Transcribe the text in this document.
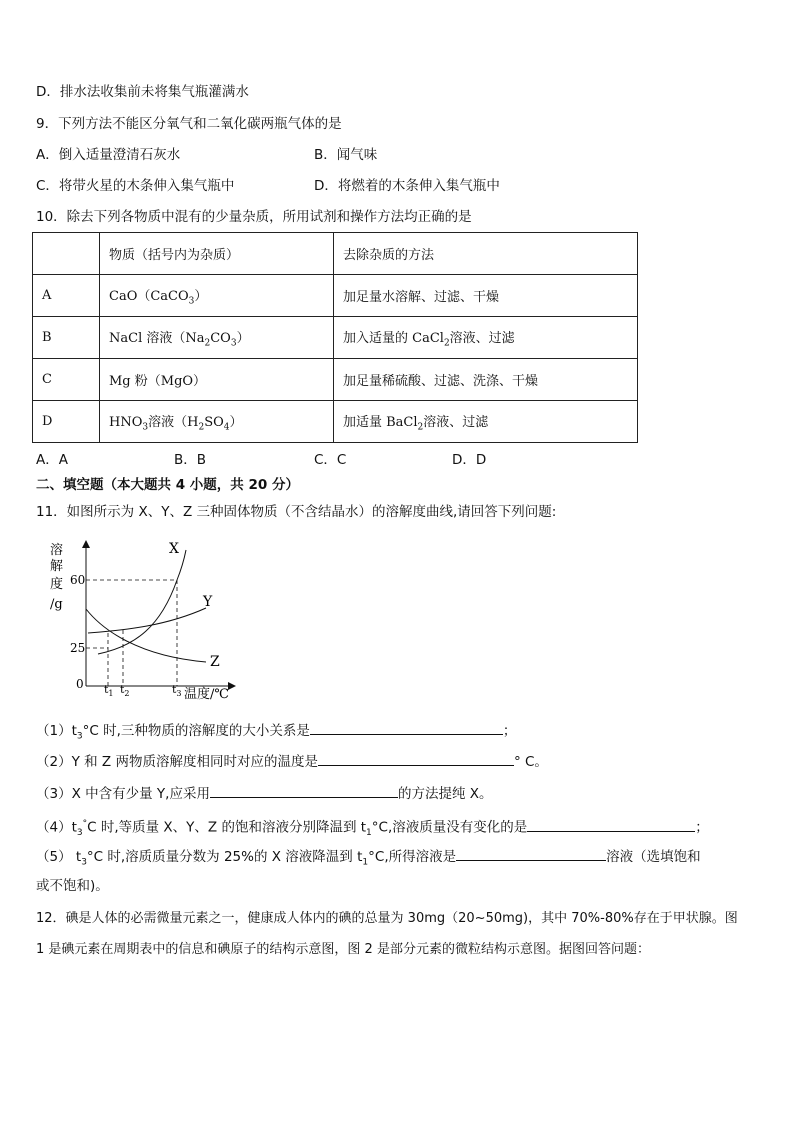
D．排水法收集前未将集气瓶灌满水
9．下列方法不能区分氧气和二氧化碳两瓶气体的是
A．倒入适量澄清石灰水	B．闻气味
C．将带火星的木条伸入集气瓶中	D．将燃着的木条伸入集气瓶中
10．除去下列各物质中混有的少量杂质，所用试剂和操作方法均正确的是
	物质（括号内为杂质）	去除杂质的方法
A	CaO（CaCO$_3$）	加足量水溶解、过滤、干燥
B	NaCl 溶液$(Na_2CO_3)$	加入适量的 CaCl$_2$溶液、过滤
C	Mg 粉（MgO）	加足量稀硫酸、过滤、洗涤、干燥
D	$HNO_3$溶液$(H_2SO_4)$	加适量 BaCl$_2$溶液、过滤
A．A	B．B	C．C	D．D
二、填空题（本大题共 4 小题，共 20 分）
11．如图所示为 X、Y、Z 三种固体物质（不含结晶水）的溶解度曲线,请回答下列问题:
溶
解
度
/g
X
Y
Z
60
25
0 $t_1$ $t_2$	$t_3$ 温度/℃
$(1)t_3^\circ C$ 时,三种物质的溶解度的大小关系是	；
（2）Y 和 Z 两物质溶解度相同时对应的温度是	° C。
（3）X 中含有少量 Y,应采用	的方法提纯 X。
$(4)t_3^\circ C$ 时,等质量 X、Y、Z 的饱和溶液分别降温到 $t_1^\circ C$,溶液质量没有变化的是	；
（5） $t_3^\circ C$ 时,溶质质量分数为 25%的 X 溶液降温到 $t_1^\circ C$,所得溶液是	溶液（选填饱和
或不饱和)。
12．碘是人体的必需微量元素之一，健康成人体内的碘的总量为 30mg（20~50mg)，其中 70%-80%存在于甲状腺。图
1 是碘元素在周期表中的信息和碘原子的结构示意图，图 2 是部分元素的微粒结构示意图。据图回答问题：
